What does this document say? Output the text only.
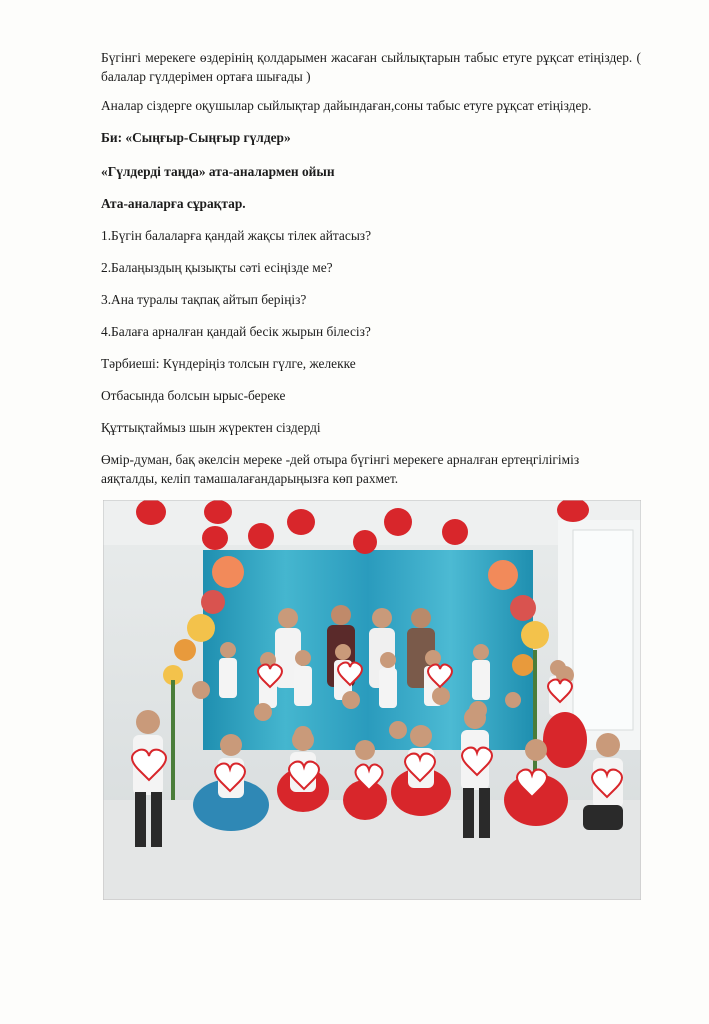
Бүгінгі мерекеге өздерінің қолдарымен жасаған сыйлықтарын табыс етуге рұқсат етіңіздер. ( балалар гүлдерімен ортаға шығады )

Аналар сіздерге оқушылар сыйлықтар дайындаған,соны табыс етуге рұқсат етіңіздер.

Би: «Сыңғыр-Сыңғыр гүлдер»

«Гүлдерді таңда» ата-аналармен ойын

Ата-аналарға сұрақтар.

1.Бүгін балаларға қандай жақсы тілек айтасыз?

2.Балаңыздың қызықты сәті есіңізде ме?

3.Ана туралы тақпақ айтып беріңіз?

4.Балаға арналған қандай бесік жырын білесіз?

Тәрбиеші: Күндеріңіз толсын гүлге, желекке

Отбасында болсын ырыс-береке

Құттықтаймыз шын жүректен сіздерді

Өмір-думан, бақ әкелсін мереке -дей отыра бүгінгі мерекеге арналған ертеңгілігіміз аяқталды, келіп тамашалағандарыңызға көп рахмет.
